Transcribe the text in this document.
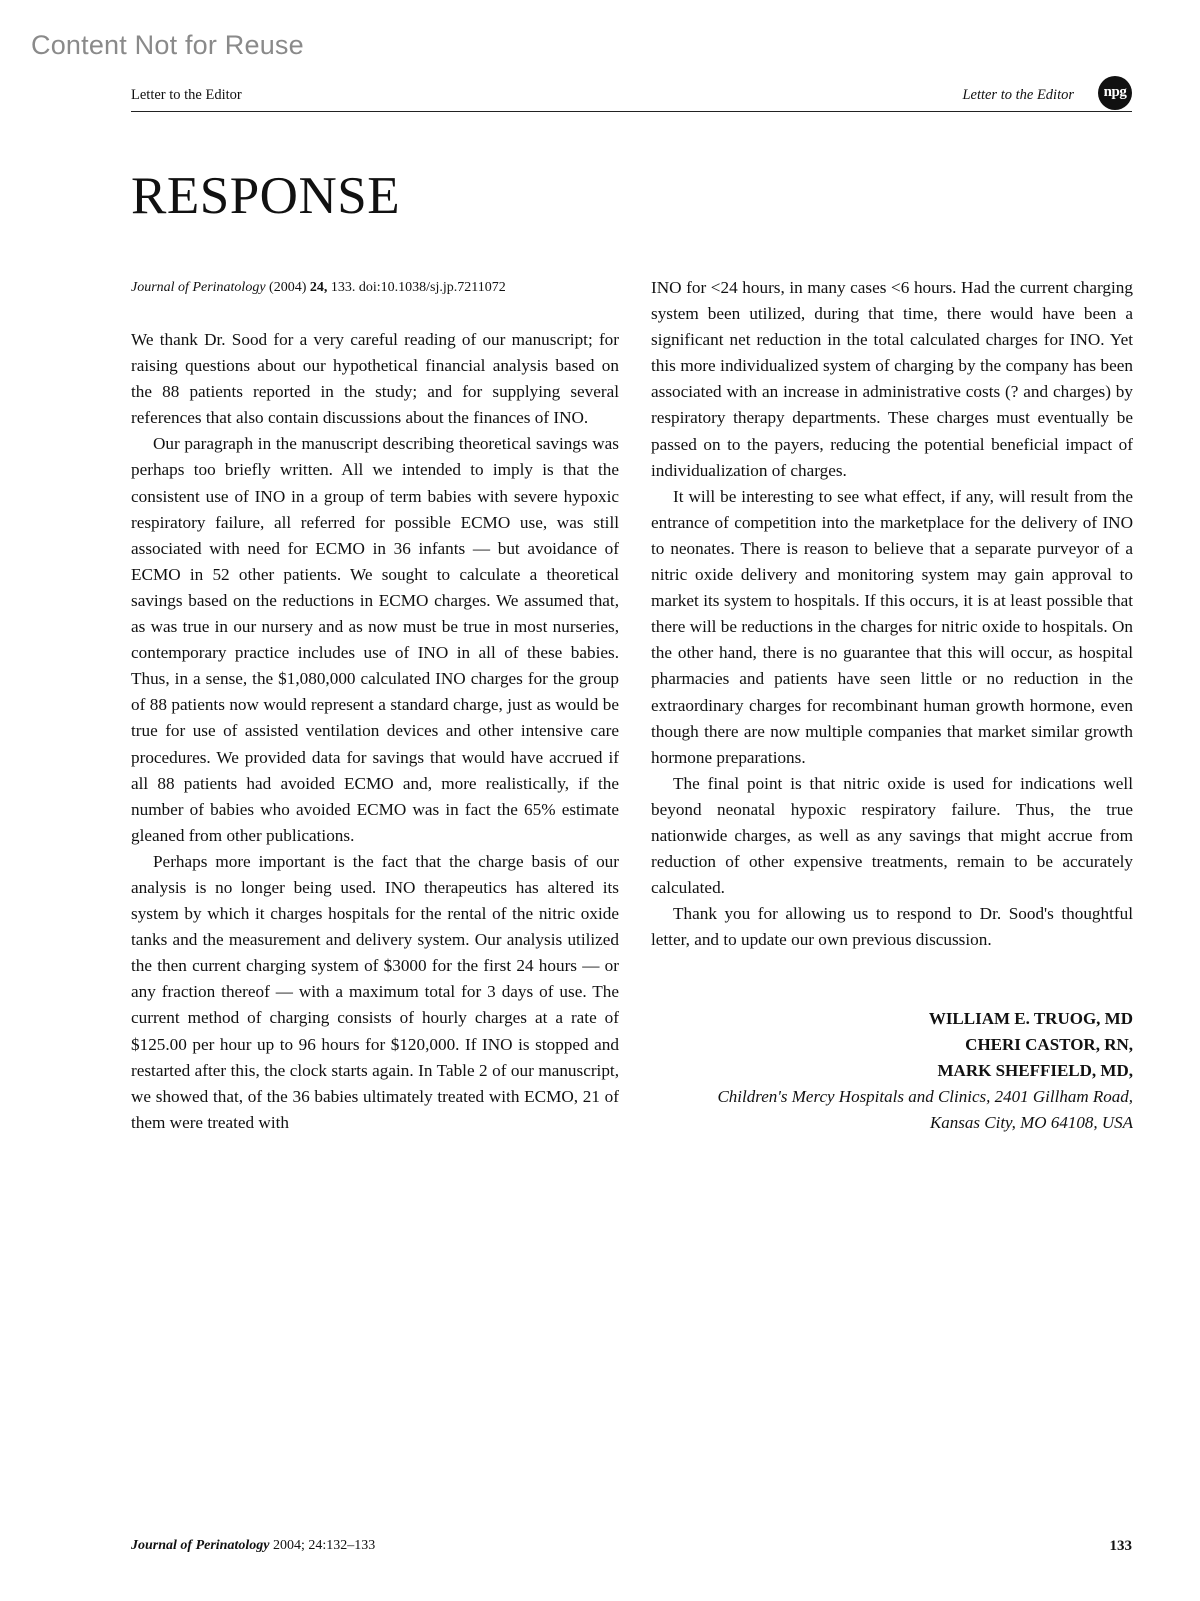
Content Not for Reuse
Letter to the Editor	Letter to the Editor	npg
RESPONSE
Journal of Perinatology (2004) 24, 133. doi:10.1038/sj.jp.7211072

We thank Dr. Sood for a very careful reading of our manuscript; for raising questions about our hypothetical financial analysis based on the 88 patients reported in the study; and for supplying several references that also contain discussions about the finances of INO.

Our paragraph in the manuscript describing theoretical savings was perhaps too briefly written. All we intended to imply is that the consistent use of INO in a group of term babies with severe hypoxic respiratory failure, all referred for possible ECMO use, was still associated with need for ECMO in 36 infants — but avoidance of ECMO in 52 other patients. We sought to calculate a theoretical savings based on the reductions in ECMO charges. We assumed that, as was true in our nursery and as now must be true in most nurseries, contemporary practice includes use of INO in all of these babies. Thus, in a sense, the $1,080,000 calculated INO charges for the group of 88 patients now would represent a standard charge, just as would be true for use of assisted ventilation devices and other intensive care procedures. We provided data for savings that would have accrued if all 88 patients had avoided ECMO and, more realistically, if the number of babies who avoided ECMO was in fact the 65% estimate gleaned from other publications.

Perhaps more important is the fact that the charge basis of our analysis is no longer being used. INO therapeutics has altered its system by which it charges hospitals for the rental of the nitric oxide tanks and the measurement and delivery system. Our analysis utilized the then current charging system of $3000 for the first 24 hours — or any fraction thereof — with a maximum total for 3 days of use. The current method of charging consists of hourly charges at a rate of $125.00 per hour up to 96 hours for $120,000. If INO is stopped and restarted after this, the clock starts again. In Table 2 of our manuscript, we showed that, of the 36 babies ultimately treated with ECMO, 21 of them were treated with

INO for <24 hours, in many cases <6 hours. Had the current charging system been utilized, during that time, there would have been a significant net reduction in the total calculated charges for INO. Yet this more individualized system of charging by the company has been associated with an increase in administrative costs (? and charges) by respiratory therapy departments. These charges must eventually be passed on to the payers, reducing the potential beneficial impact of individualization of charges.

It will be interesting to see what effect, if any, will result from the entrance of competition into the marketplace for the delivery of INO to neonates. There is reason to believe that a separate purveyor of a nitric oxide delivery and monitoring system may gain approval to market its system to hospitals. If this occurs, it is at least possible that there will be reductions in the charges for nitric oxide to hospitals. On the other hand, there is no guarantee that this will occur, as hospital pharmacies and patients have seen little or no reduction in the extraordinary charges for recombinant human growth hormone, even though there are now multiple companies that market similar growth hormone preparations.

The final point is that nitric oxide is used for indications well beyond neonatal hypoxic respiratory failure. Thus, the true nationwide charges, as well as any savings that might accrue from reduction of other expensive treatments, remain to be accurately calculated.

Thank you for allowing us to respond to Dr. Sood's thoughtful letter, and to update our own previous discussion.

WILLIAM E. TRUOG, MD
CHERI CASTOR, RN,
MARK SHEFFIELD, MD,
Children's Mercy Hospitals and Clinics, 2401 Gillham Road,
Kansas City, MO 64108, USA
Journal of Perinatology 2004; 24:132–133	133
